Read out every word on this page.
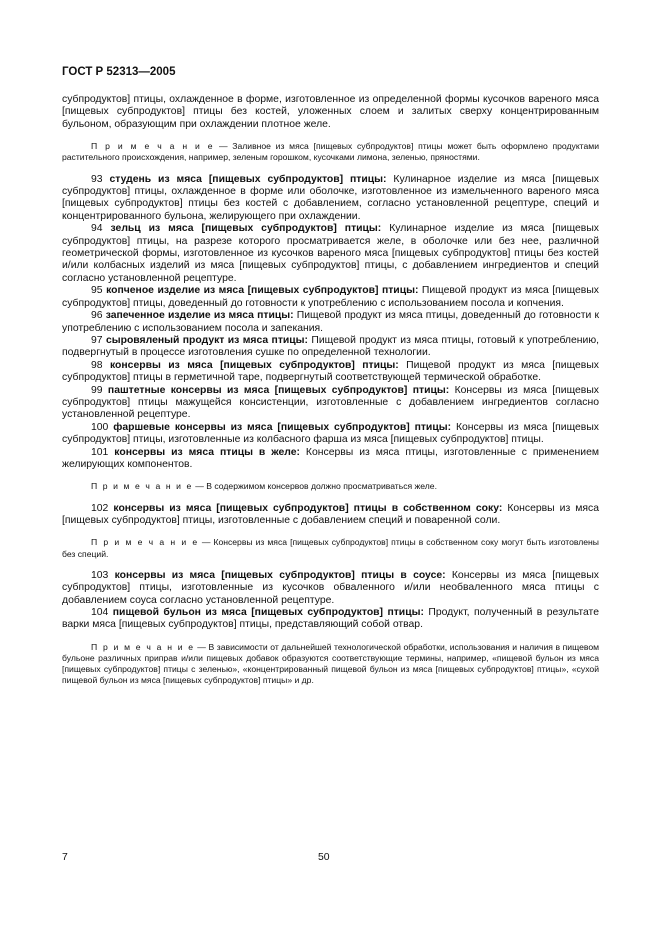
ГОСТ Р 52313—2005

субпродуктов] птицы, охлажденное в форме, изготовленное из определенной формы кусочков вареного мяса [пищевых субпродуктов] птицы без костей, уложенных слоем и залитых сверху концентрированным бульоном, образующим при охлаждении плотное желе.

П р и м е ч а н и е — Заливное из мяса [пищевых субпродуктов] птицы может быть оформлено продуктами растительного происхождения, например, зеленым горошком, кусочками лимона, зеленью, пряностями.

93 студень из мяса [пищевых субпродуктов] птицы: Кулинарное изделие из мяса [пищевых субпродуктов] птицы, охлажденное в форме или оболочке, изготовленное из измельченного вареного мяса [пищевых субпродуктов] птицы без костей с добавлением, согласно установленной рецептуре, специй и концентрированного бульона, желирующего при охлаждении.

94 зельц из мяса [пищевых субпродуктов] птицы: Кулинарное изделие из мяса [пищевых субпродуктов] птицы, на разрезе которого просматривается желе, в оболочке или без нее, различной геометрической формы, изготовленное из кусочков вареного мяса [пищевых субпродуктов] птицы без костей и/или колбасных изделий из мяса [пищевых субпродуктов] птицы, с добавлением ингредиентов и специй согласно установленной рецептуре.

95 копченое изделие из мяса [пищевых субпродуктов] птицы: Пищевой продукт из мяса [пищевых субпродуктов] птицы, доведенный до готовности к употреблению с использованием посола и копчения.

96 запеченное изделие из мяса птицы: Пищевой продукт из мяса птицы, доведенный до готовности к употреблению с использованием посола и запекания.

97 сыровяленый продукт из мяса птицы: Пищевой продукт из мяса птицы, готовый к употреблению, подвергнутый в процессе изготовления сушке по определенной технологии.

98 консервы из мяса [пищевых субпродуктов] птицы: Пищевой продукт из мяса [пищевых субпродуктов] птицы в герметичной таре, подвергнутый соответствующей термической обработке.

99 паштетные консервы из мяса [пищевых субпродуктов] птицы: Консервы из мяса [пищевых субпродуктов] птицы мажущейся консистенции, изготовленные с добавлением ингредиентов согласно установленной рецептуре.

100 фаршевые консервы из мяса [пищевых субпродуктов] птицы: Консервы из мяса [пищевых субпродуктов] птицы, изготовленные из колбасного фарша из мяса [пищевых субпродуктов] птицы.

101 консервы из мяса птицы в желе: Консервы из мяса птицы, изготовленные с применением желирующих компонентов.

П р и м е ч а н и е — В содержимом консервов должно просматриваться желе.

102 консервы из мяса [пищевых субпродуктов] птицы в собственном соку: Консервы из мяса [пищевых субпродуктов] птицы, изготовленные с добавлением специй и поваренной соли.

П р и м е ч а н и е — Консервы из мяса [пищевых субпродуктов] птицы в собственном соку могут быть изготовлены без специй.

103 консервы из мяса [пищевых субпродуктов] птицы в соусе: Консервы из мяса [пищевых субпродуктов] птицы, изготовленные из кусочков обваленного и/или необваленного мяса птицы с добавлением соуса согласно установленной рецептуре.

104 пищевой бульон из мяса [пищевых субпродуктов] птицы: Продукт, полученный в результате варки мяса [пищевых субпродуктов] птицы, представляющий собой отвар.

П р и м е ч а н и е — В зависимости от дальнейшей технологической обработки, использования и наличия в пищевом бульоне различных приправ и/или пищевых добавок образуются соответствующие термины, например, «пищевой бульон из мяса [пищевых субпродуктов] птицы с зеленью», «концентрированный пищевой бульон из мяса [пищевых субпродуктов] птицы», «сухой пищевой бульон из мяса [пищевых субпродуктов] птицы» и др.
7	50
